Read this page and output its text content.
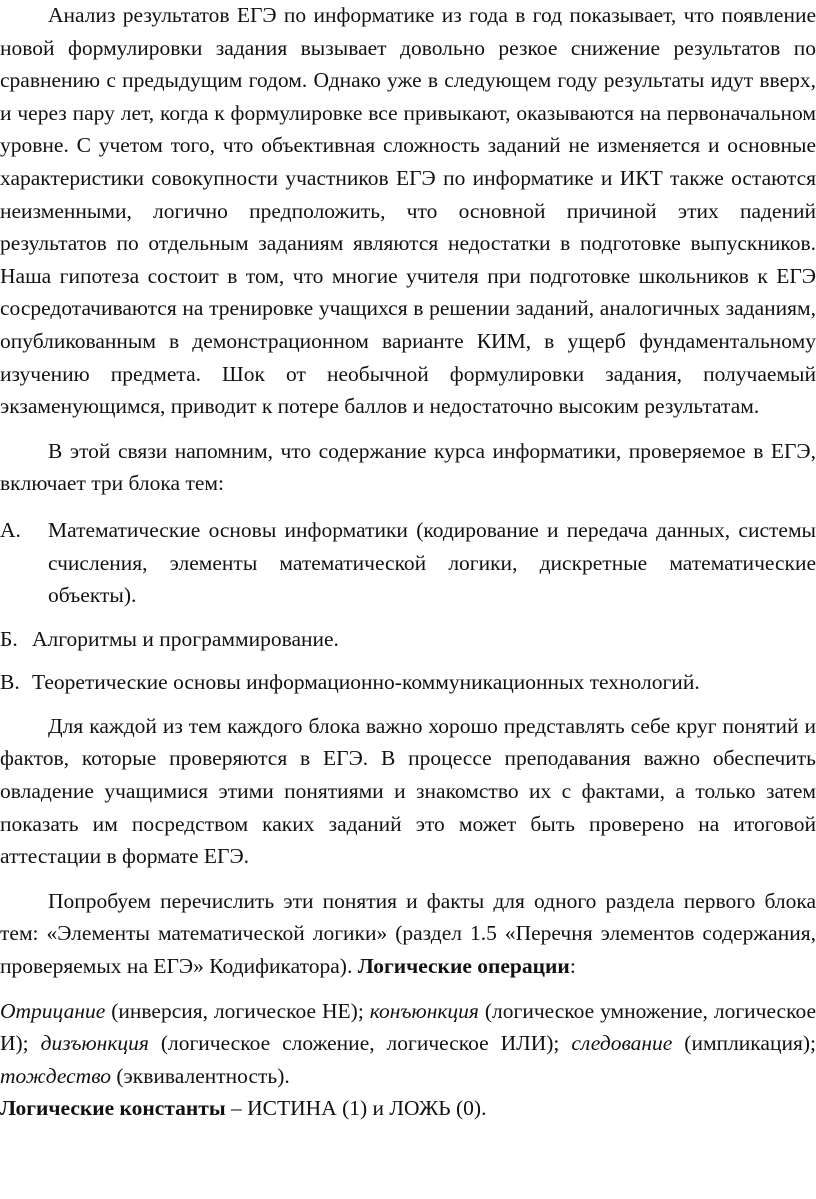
Анализ результатов ЕГЭ по информатике из года в год показывает, что появление новой формулировки задания вызывает довольно резкое снижение результатов по сравнению с предыдущим годом. Однако уже в следующем году результаты идут вверх, и через пару лет, когда к формулировке все привыкают, оказываются на первоначальном уровне. С учетом того, что объективная сложность заданий не изменяется и основные характеристики совокупности участников ЕГЭ по информатике и ИКТ также остаются неизменными, логично предположить, что основной причиной этих падений результатов по отдельным заданиям являются недостатки в подготовке выпускников. Наша гипотеза состоит в том, что многие учителя при подготовке школьников к ЕГЭ сосредотачиваются на тренировке учащихся в решении заданий, аналогичных заданиям, опубликованным в демонстрационном варианте КИМ, в ущерб фундаментальному изучению предмета. Шок от необычной формулировки задания, получаемый экзаменующимся, приводит к потере баллов и недостаточно высоким результатам.

В этой связи напомним, что содержание курса информатики, проверяемое в ЕГЭ, включает три блока тем:

А. Математические основы информатики (кодирование и передача данных, системы счисления, элементы математической логики, дискретные математические объекты).
Б. Алгоритмы и программирование.
В. Теоретические основы информационно-коммуникационных технологий.

Для каждой из тем каждого блока важно хорошо представлять себе круг понятий и фактов, которые проверяются в ЕГЭ. В процессе преподавания важно обеспечить овладение учащимися этими понятиями и знакомство их с фактами, а только затем показать им посредством каких заданий это может быть проверено на итоговой аттестации в формате ЕГЭ.

Попробуем перечислить эти понятия и факты для одного раздела первого блока тем: «Элементы математической логики» (раздел 1.5 «Перечня элементов содержания, проверяемых на ЕГЭ» Кодификатора). Логические операции:

Отрицание (инверсия, логическое НЕ); конъюнкция (логическое умножение, логическое И); дизъюнкция (логическое сложение, логическое ИЛИ); следование (импликация); тождество (эквивалентность).

Логические константы – ИСТИНА (1) и ЛОЖЬ (0).
